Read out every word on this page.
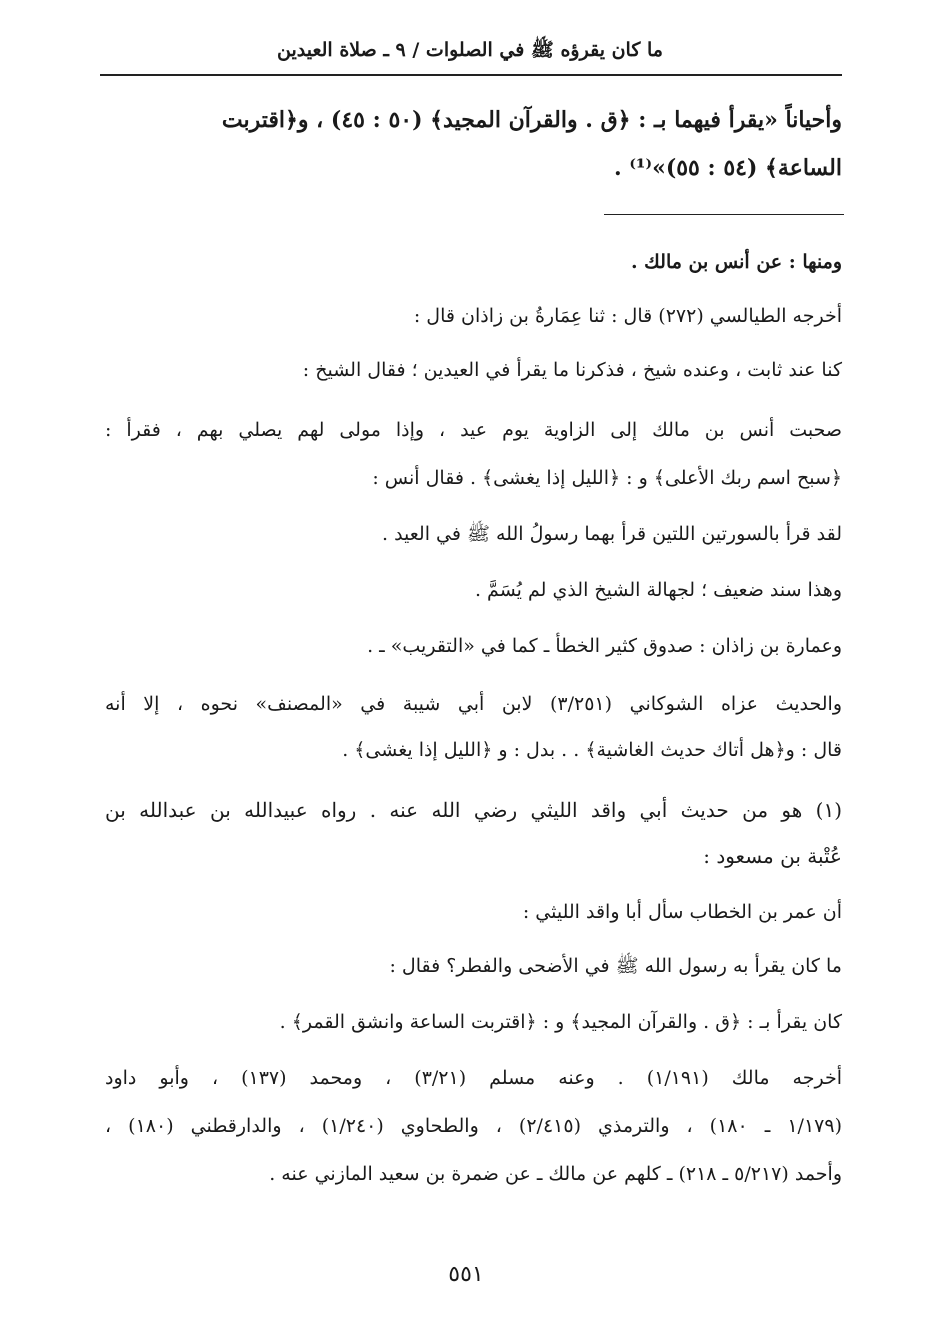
ما كان يقرؤه ﷺ في الصلوات / ٩ ـ صلاة العيدين
وأحياناً «يقرأ فيهما بـ : ﴿ق . والقرآن المجيد﴾ (٥٠ : ٤٥) ، و﴿اقتربت
الساعة﴾ (٥٤ : ٥٥)»⁽¹⁾ .
ومنها : عن أنس بن مالك .
أخرجه الطيالسي (٢٧٢) قال : ثنا عِمَارةُ بن زاذان قال :
كنا عند ثابت ، وعنده شيخ ، فذكرنا ما يقرأ في العيدين ؛ فقال الشيخ :
صحبت أنس بن مالك إلى الزاوية يوم عيد ، وإذا مولى لهم يصلي بهم ، فقرأ :
﴿سبح اسم ربك الأعلى﴾ و : ﴿الليل إذا يغشى﴾ . فقال أنس :
لقد قرأ بالسورتين اللتين قرأ بهما رسولُ الله ﷺ في العيد .
وهذا سند ضعيف ؛ لجهالة الشيخ الذي لم يُسَمَّ .
وعمارة بن زاذان : صدوق كثير الخطأ ـ كما في «التقريب» ـ .
والحديث عزاه الشوكاني (٣/٢٥١) لابن أبي شيبة في «المصنف» نحوه ، إلا أنه
قال : و﴿هل أتاك حديث الغاشية﴾ . . بدل : و ﴿الليل إذا يغشى﴾ .
(١) هو من حديث أبي واقد الليثي رضي الله عنه . رواه عبيدالله بن عبدالله بن
عُتْبة بن مسعود :
أن عمر بن الخطاب سأل أبا واقد الليثي :
ما كان يقرأ به رسول الله ﷺ في الأضحى والفطر؟ فقال :
كان يقرأ بـ : ﴿ق . والقرآن المجيد﴾ و : ﴿اقتربت الساعة وانشق القمر﴾ .
أخرجه مالك (١/١٩١) . وعنه مسلم (٣/٢١) ، ومحمد (١٣٧) ، وأبو داود
(١/١٧٩ ـ ١٨٠) ، والترمذي (٢/٤١٥) ، والطحاوي (١/٢٤٠) ، والدارقطني (١٨٠) ،
وأحمد (٥/٢١٧ ـ ٢١٨) ـ كلهم عن مالك ـ عن ضمرة بن سعيد المازني عنه .
٥٥١
